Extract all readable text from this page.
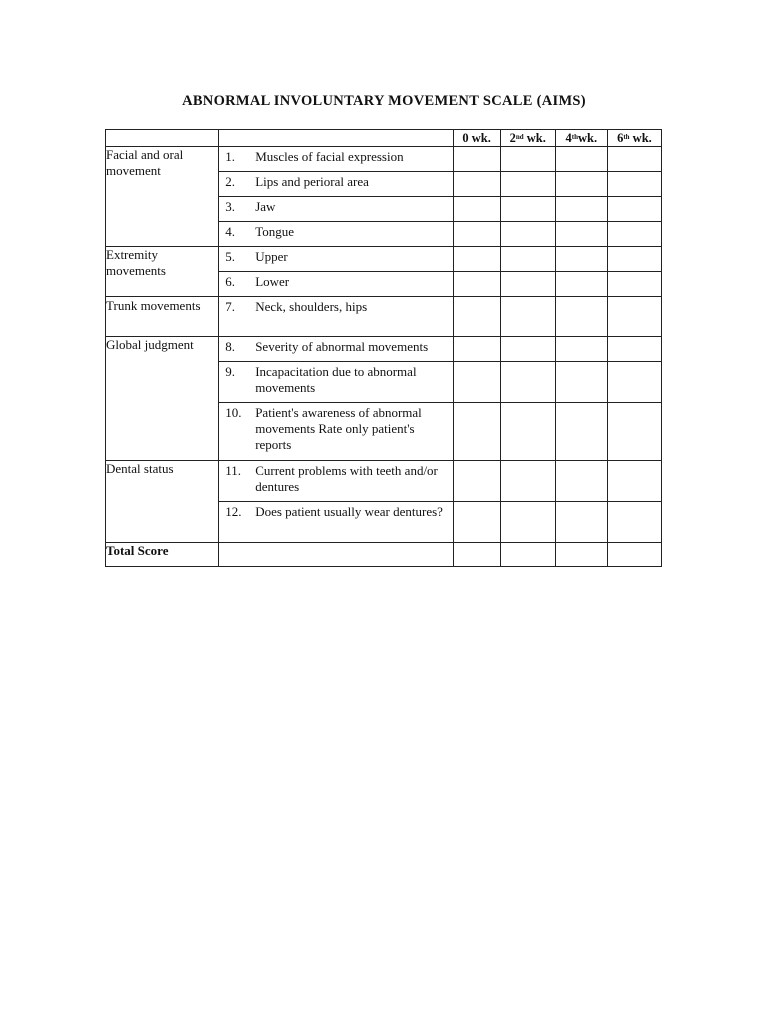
ABNORMAL INVOLUNTARY MOVEMENT SCALE (AIMS)
		0 wk.	2nd wk.	4thwk.	6th wk.
Facial and oral movement	1. Muscles of facial expression				

	2. Lips and perioral area				

	3. Jaw				

	4. Tongue				

Extremity movements	5. Upper				

	6. Lower				

Trunk movements	7. Neck, shoulders, hips				

Global judgment	8. Severity of abnormal movements				

	9. Incapacitation due to abnormal movements				

	10. Patient's awareness of abnormal movements Rate only patient's reports				

Dental status	11. Current problems with teeth and/or dentures				

	12. Does patient usually wear dentures?				

Total Score					
